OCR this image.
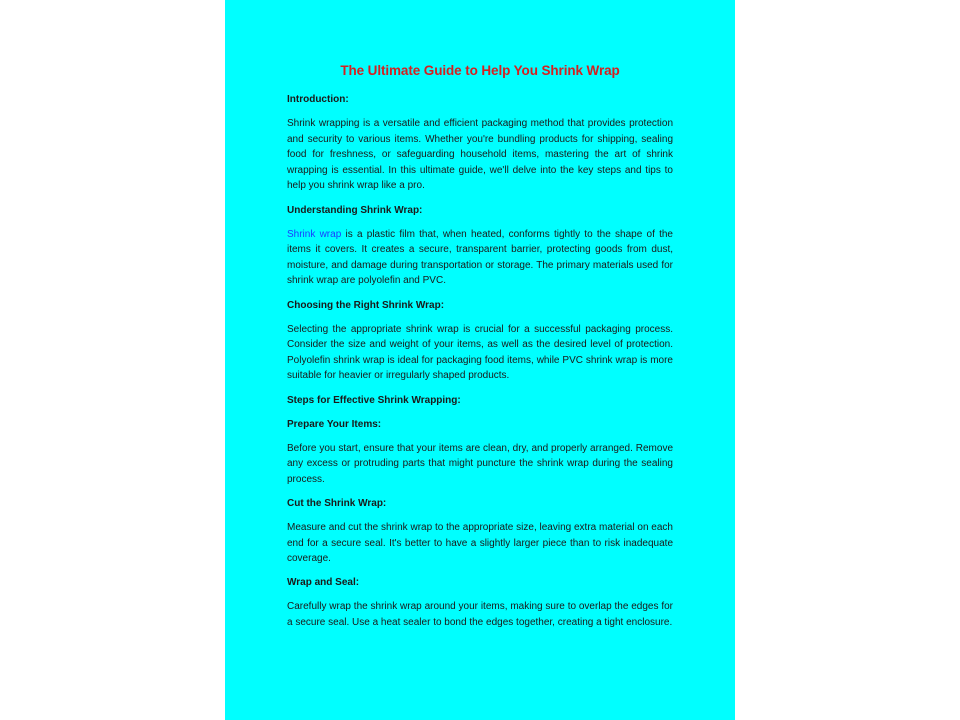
The Ultimate Guide to Help You Shrink Wrap
Introduction:
Shrink wrapping is a versatile and efficient packaging method that provides protection and security to various items. Whether you're bundling products for shipping, sealing food for freshness, or safeguarding household items, mastering the art of shrink wrapping is essential. In this ultimate guide, we'll delve into the key steps and tips to help you shrink wrap like a pro.
Understanding Shrink Wrap:
Shrink wrap is a plastic film that, when heated, conforms tightly to the shape of the items it covers. It creates a secure, transparent barrier, protecting goods from dust, moisture, and damage during transportation or storage. The primary materials used for shrink wrap are polyolefin and PVC.
Choosing the Right Shrink Wrap:
Selecting the appropriate shrink wrap is crucial for a successful packaging process. Consider the size and weight of your items, as well as the desired level of protection. Polyolefin shrink wrap is ideal for packaging food items, while PVC shrink wrap is more suitable for heavier or irregularly shaped products.
Steps for Effective Shrink Wrapping:
Prepare Your Items:
Before you start, ensure that your items are clean, dry, and properly arranged. Remove any excess or protruding parts that might puncture the shrink wrap during the sealing process.
Cut the Shrink Wrap:
Measure and cut the shrink wrap to the appropriate size, leaving extra material on each end for a secure seal. It's better to have a slightly larger piece than to risk inadequate coverage.
Wrap and Seal:
Carefully wrap the shrink wrap around your items, making sure to overlap the edges for a secure seal. Use a heat sealer to bond the edges together, creating a tight enclosure.
